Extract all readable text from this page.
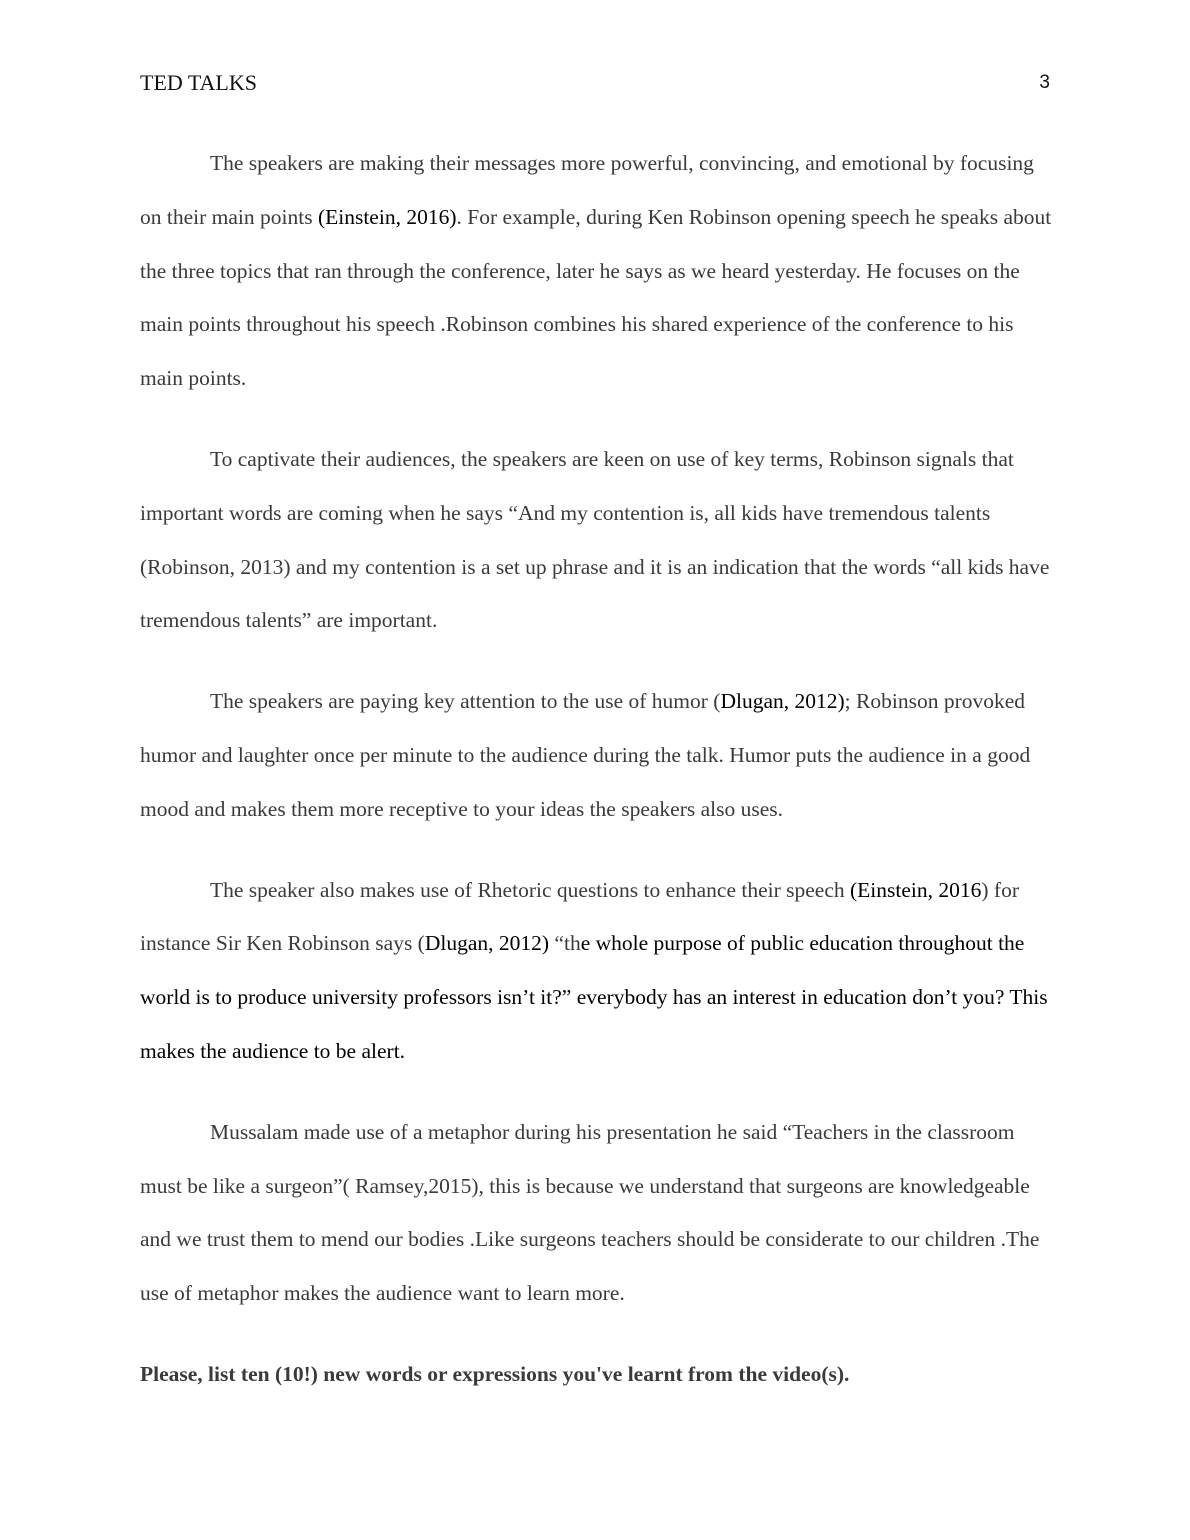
TED TALKS	3

The speakers are making their messages more powerful, convincing, and emotional by focusing on their main points (Einstein, 2016). For example, during Ken Robinson opening speech he speaks about the three topics that ran through the conference, later he says as we heard yesterday. He focuses on the main points throughout his speech .Robinson combines his shared experience of the conference to his main points.

To captivate their audiences, the speakers are keen on use of key terms, Robinson signals that important words are coming when he says “And my contention is, all kids have tremendous talents (Robinson, 2013) and my contention is a set up phrase and it is an indication that the words “all kids have tremendous talents” are important.

The speakers are paying key attention to the use of humor (Dlugan, 2012); Robinson provoked humor and laughter once per minute to the audience during the talk. Humor puts the audience in a good mood and makes them more receptive to your ideas the speakers also uses.

The speaker also makes use of Rhetoric questions to enhance their speech (Einstein, 2016) for instance Sir Ken Robinson says (Dlugan, 2012) “the whole purpose of public education throughout the world is to produce university professors isn’t it?” everybody has an interest in education don’t you? This makes the audience to be alert.

Mussalam made use of a metaphor during his presentation he said “Teachers in the classroom must be like a surgeon”( Ramsey,2015), this is because we understand that surgeons are knowledgeable and we trust them to mend our bodies .Like surgeons teachers should be considerate to our children .The use of metaphor makes the audience want to learn more.

Please, list ten (10!) new words or expressions you've learnt from the video(s).
